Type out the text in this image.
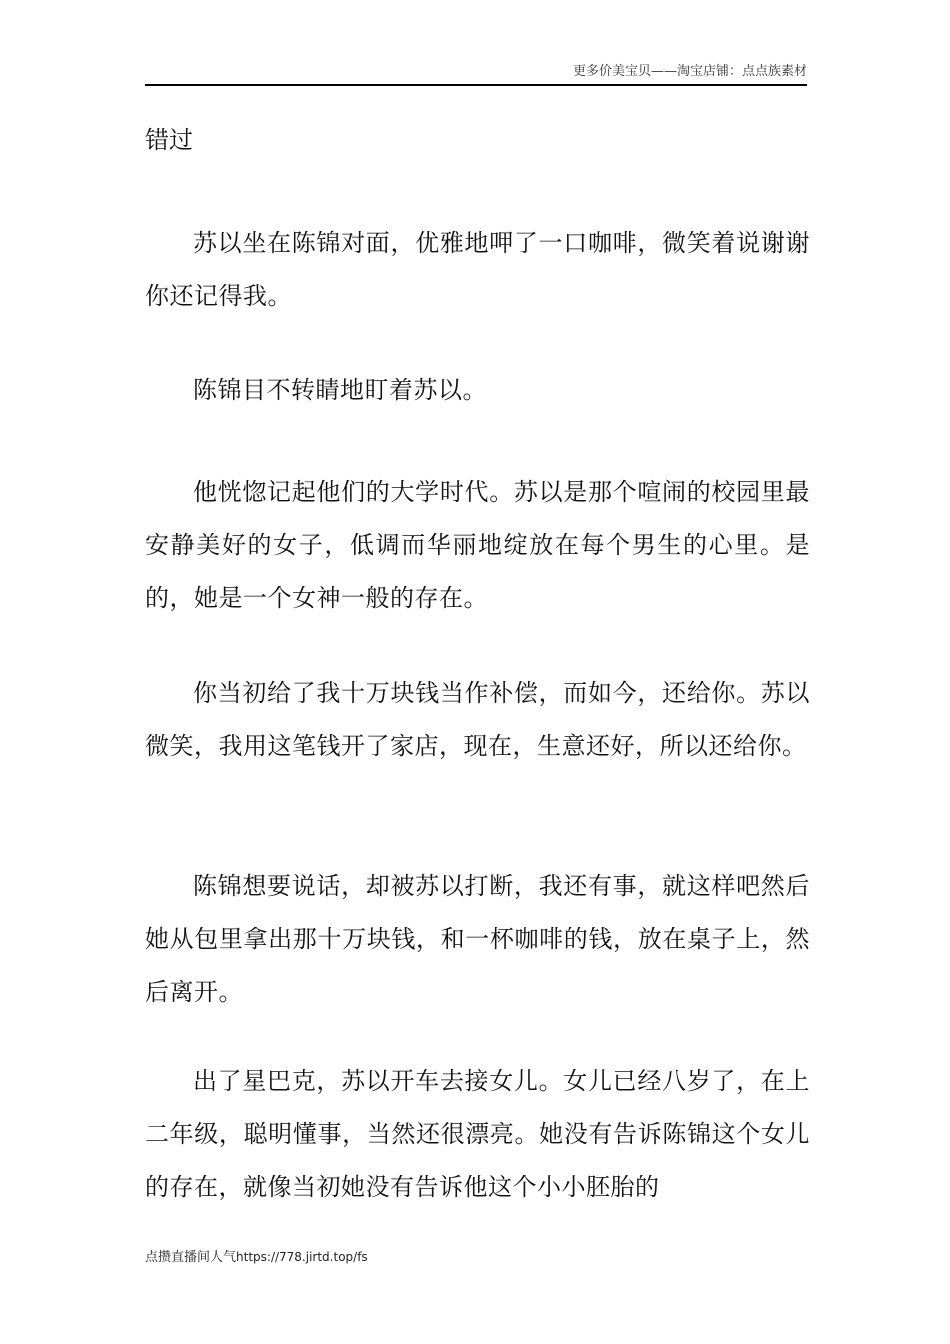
更多价美宝贝——淘宝店铺：点点族素材
错过
苏以坐在陈锦对面，优雅地呷了一口咖啡，微笑着说谢谢你还记得我。
陈锦目不转睛地盯着苏以。
他恍惚记起他们的大学时代。苏以是那个喧闹的校园里最安静美好的女子，低调而华丽地绽放在每个男生的心里。是的，她是一个女神一般的存在。
你当初给了我十万块钱当作补偿，而如今，还给你。苏以微笑，我用这笔钱开了家店，现在，生意还好，所以还给你。
陈锦想要说话，却被苏以打断，我还有事，就这样吧然后她从包里拿出那十万块钱，和一杯咖啡的钱，放在桌子上，然后离开。
出了星巴克，苏以开车去接女儿。女儿已经八岁了，在上二年级，聪明懂事，当然还很漂亮。她没有告诉陈锦这个女儿的存在，就像当初她没有告诉他这个小小胚胎的
点攒直播间人气https://778.jirtd.top/fs
